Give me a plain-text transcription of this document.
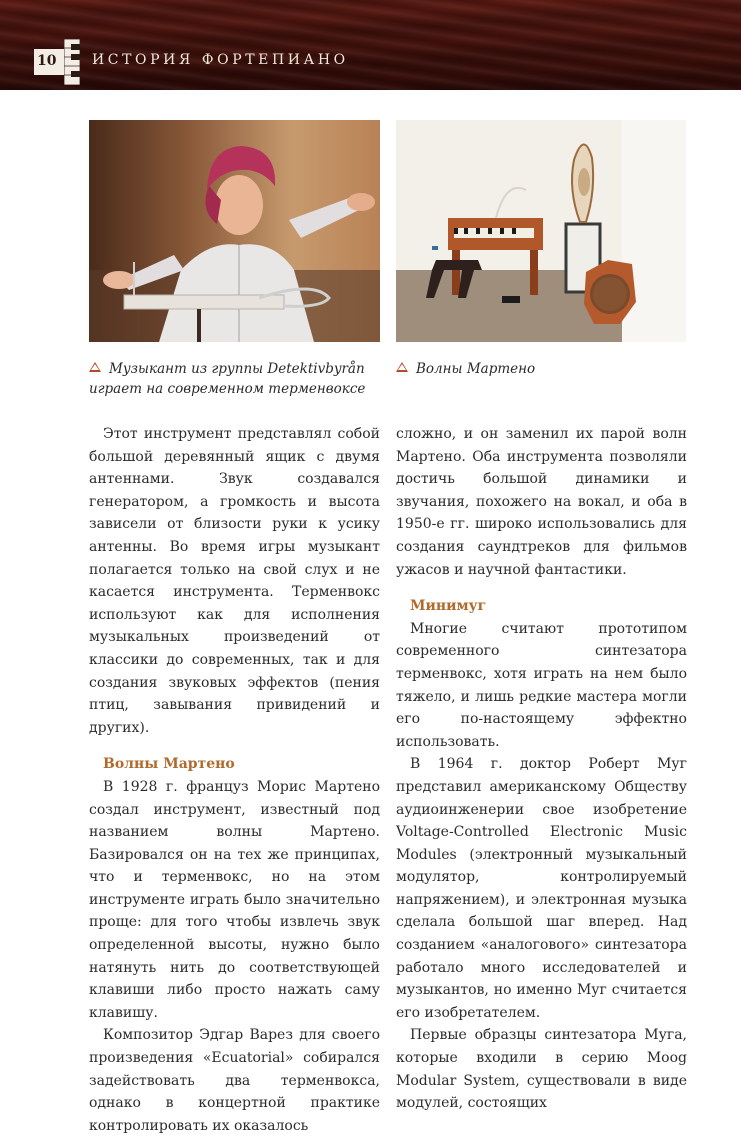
10	ИСТОРИЯ ФОРТЕПИАНО
Музыкант из группы Detektivbyrån играет на современном терменвоксе
Волны Мартено

Этот инструмент представлял собой большой деревянный ящик с двумя антеннами. Звук создавался генератором, а громкость и высота зависели от близости руки к усику антенны. Во время игры музыкант полагается только на свой слух и не касается инструмента. Терменвокс используют как для исполнения музыкальных произведений от классики до современных, так и для создания звуковых эффектов (пения птиц, завывания привидений и других).

Волны Мартено

В 1928 г. француз Морис Мартено создал инструмент, известный под названием волны Мартено. Базировался он на тех же принципах, что и терменвокс, но на этом инструменте играть было значительно проще: для того чтобы извлечь звук определенной высоты, нужно было натянуть нить до соответствующей клавиши либо просто нажать саму клавишу.

Композитор Эдгар Варез для своего произведения «Ecuatorial» собирался задействовать два терменвокса, однако в концертной практике контролировать их оказалось

сложно, и он заменил их парой волн Мартено. Оба инструмента позволяли достичь большой динамики и звучания, похожего на вокал, и оба в 1950-е гг. широко использовались для создания саундтреков для фильмов ужасов и научной фантастики.

Минимуг

Многие считают прототипом современного синтезатора терменвокс, хотя играть на нем было тяжело, и лишь редкие мастера могли его по-настоящему эффектно использовать.

В 1964 г. доктор Роберт Муг представил американскому Обществу аудиоинженерии свое изобретение Voltage-Controlled Electronic Music Modules (электронный музыкальный модулятор, контролируемый напряжением), и электронная музыка сделала большой шаг вперед. Над созданием «аналогового» синтезатора работало много исследователей и музыкантов, но именно Муг считается его изобретателем.

Первые образцы синтезатора Муга, которые входили в серию Moog Modular System, существовали в виде модулей, состоящих
